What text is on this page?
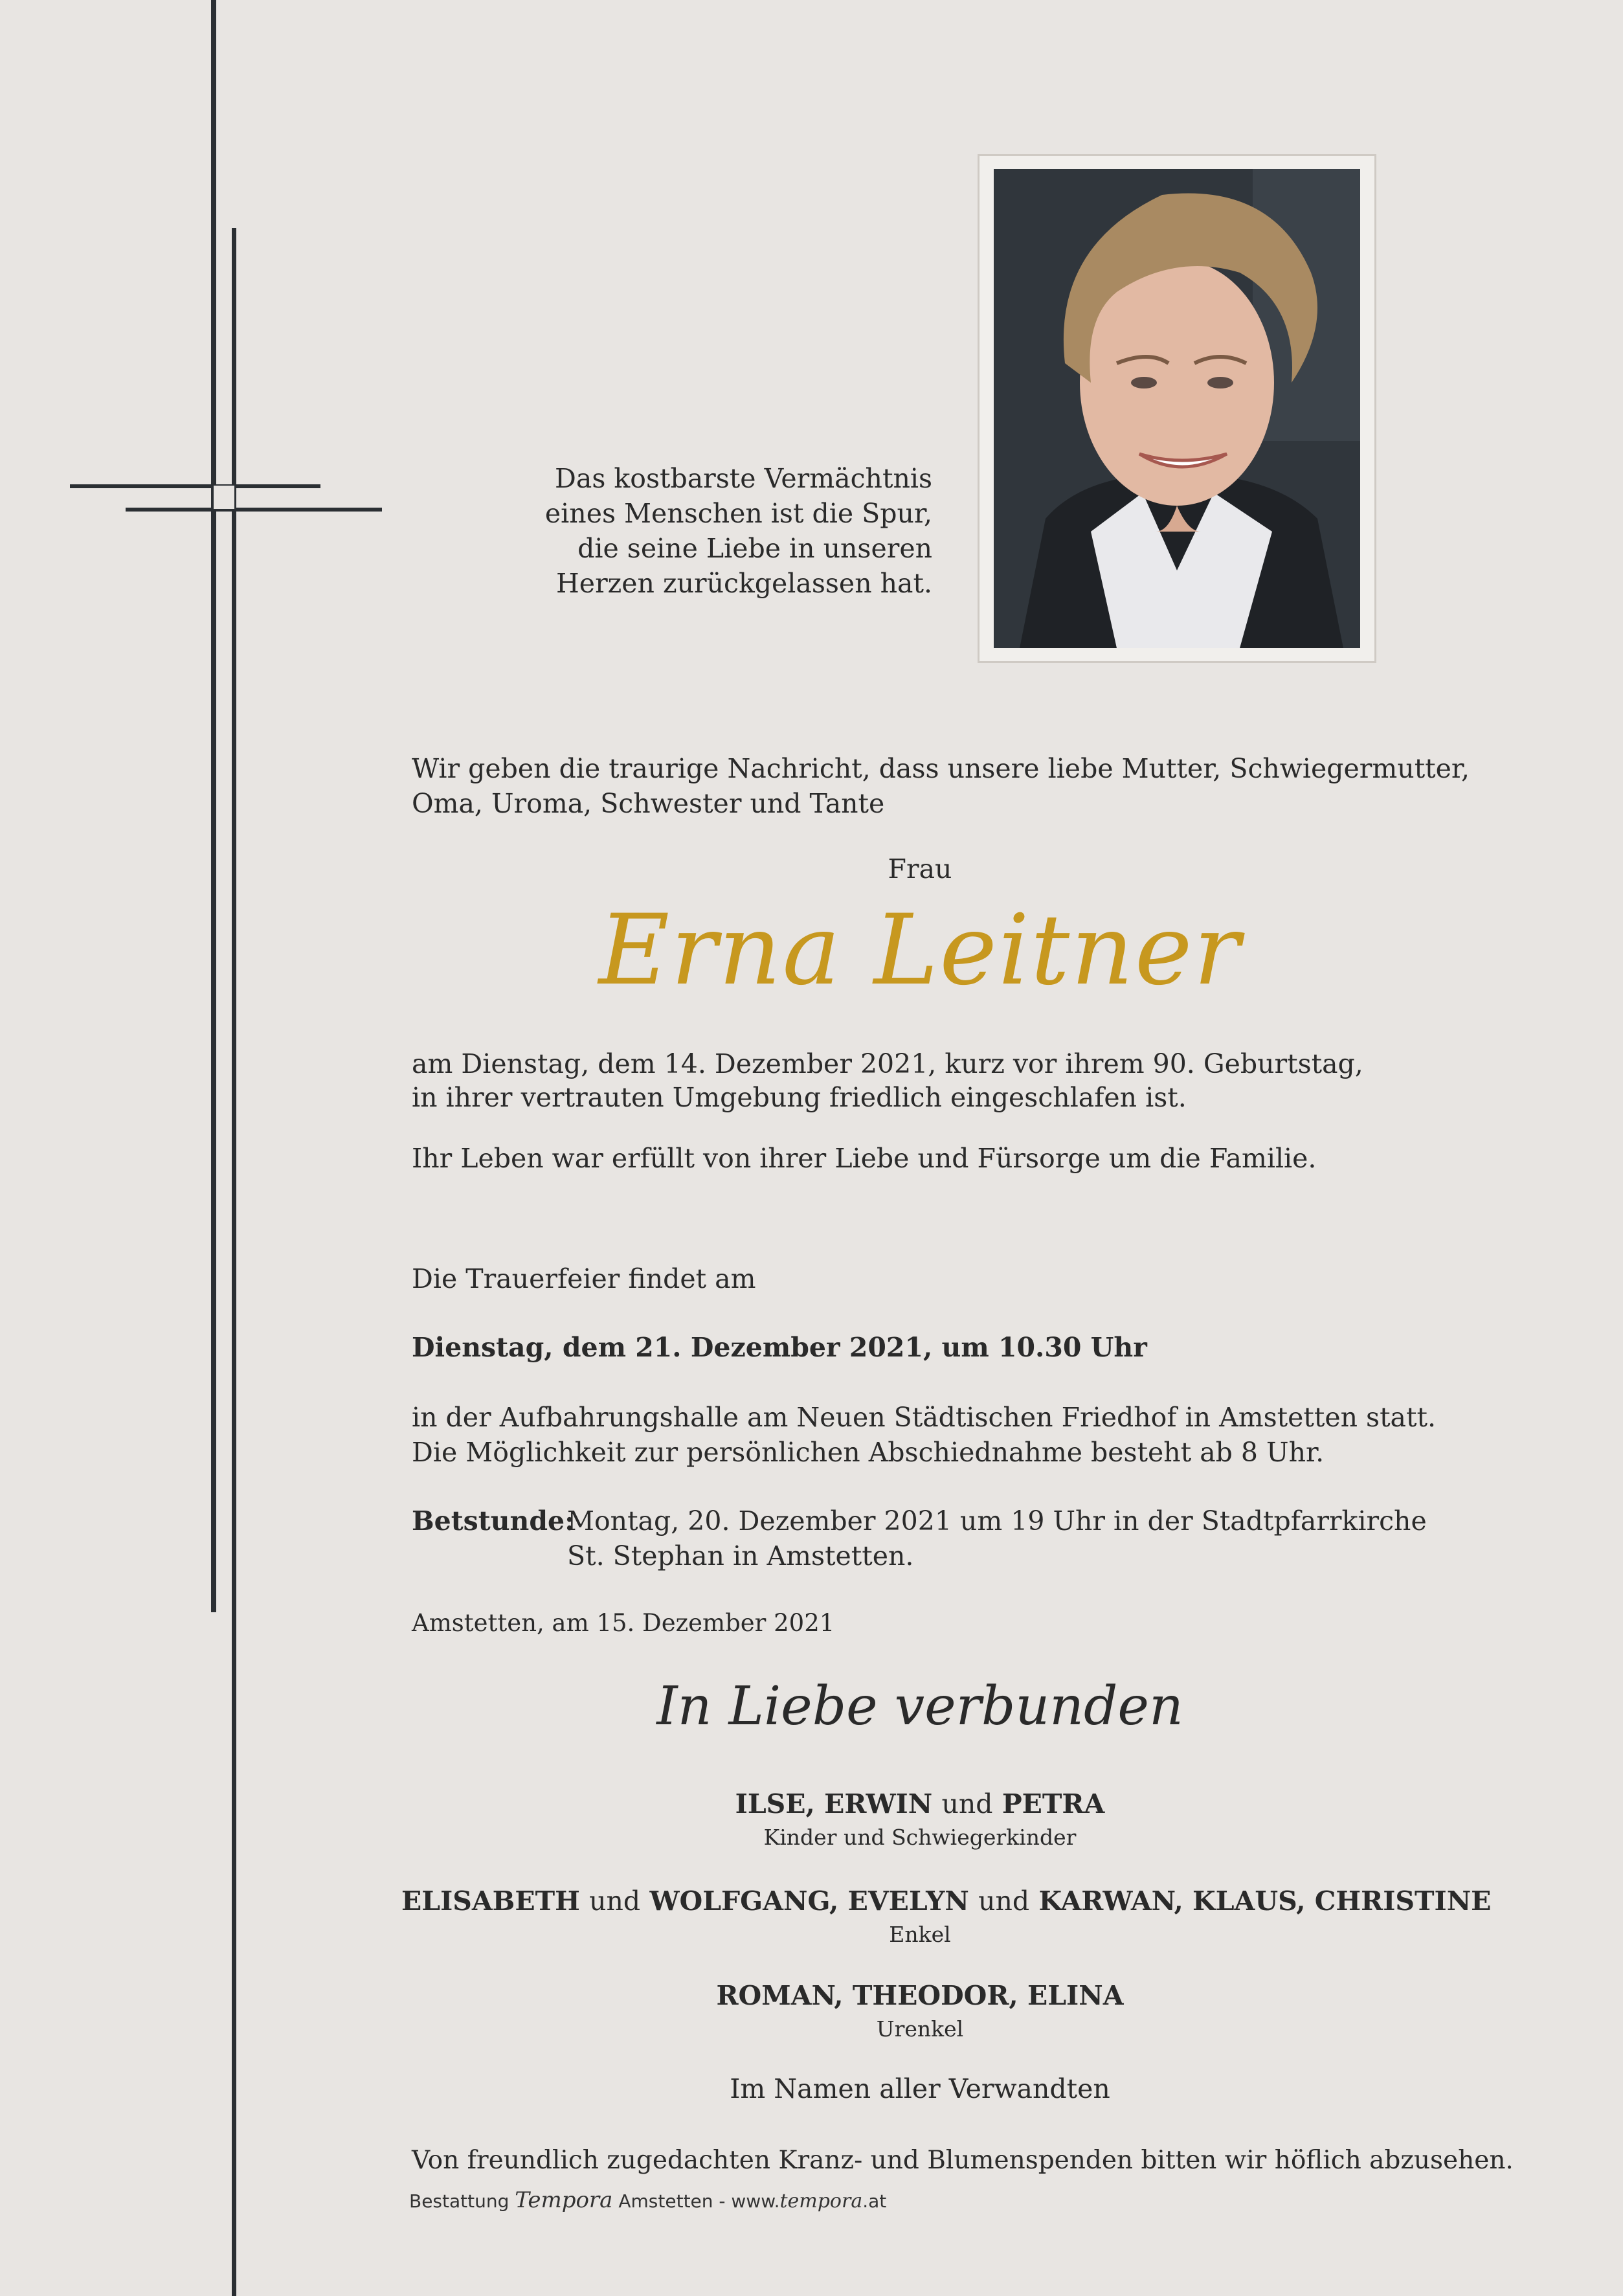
Das kostbarste Vermächtnis
eines Menschen ist die Spur,
die seine Liebe in unseren
Herzen zurückgelassen hat.
Wir geben die traurige Nachricht, dass unsere liebe Mutter, Schwiegermutter,
Oma, Uroma, Schwester und Tante
Frau
Erna Leitner
am Dienstag, dem 14. Dezember 2021, kurz vor ihrem 90. Geburtstag,
in ihrer vertrauten Umgebung friedlich eingeschlafen ist.
Ihr Leben war erfüllt von ihrer Liebe und Fürsorge um die Familie.
Die Trauerfeier findet am
Dienstag, dem 21. Dezember 2021, um 10.30 Uhr
in der Aufbahrungshalle am Neuen Städtischen Friedhof in Amstetten statt.
Die Möglichkeit zur persönlichen Abschiednahme besteht ab 8 Uhr.
Betstunde:
Montag, 20. Dezember 2021 um 19 Uhr in der Stadtpfarrkirche
St. Stephan in Amstetten.
Amstetten, am 15. Dezember 2021
In Liebe verbunden
ILSE, ERWIN und PETRA
Kinder und Schwiegerkinder
ELISABETH und WOLFGANG, EVELYN und KARWAN, KLAUS, CHRISTINE
Enkel
ROMAN, THEODOR, ELINA
Urenkel
Im Namen aller Verwandten
Von freundlich zugedachten Kranz- und Blumenspenden bitten wir höflich abzusehen.
Bestattung Tempora Amstetten - www.tempora.at
